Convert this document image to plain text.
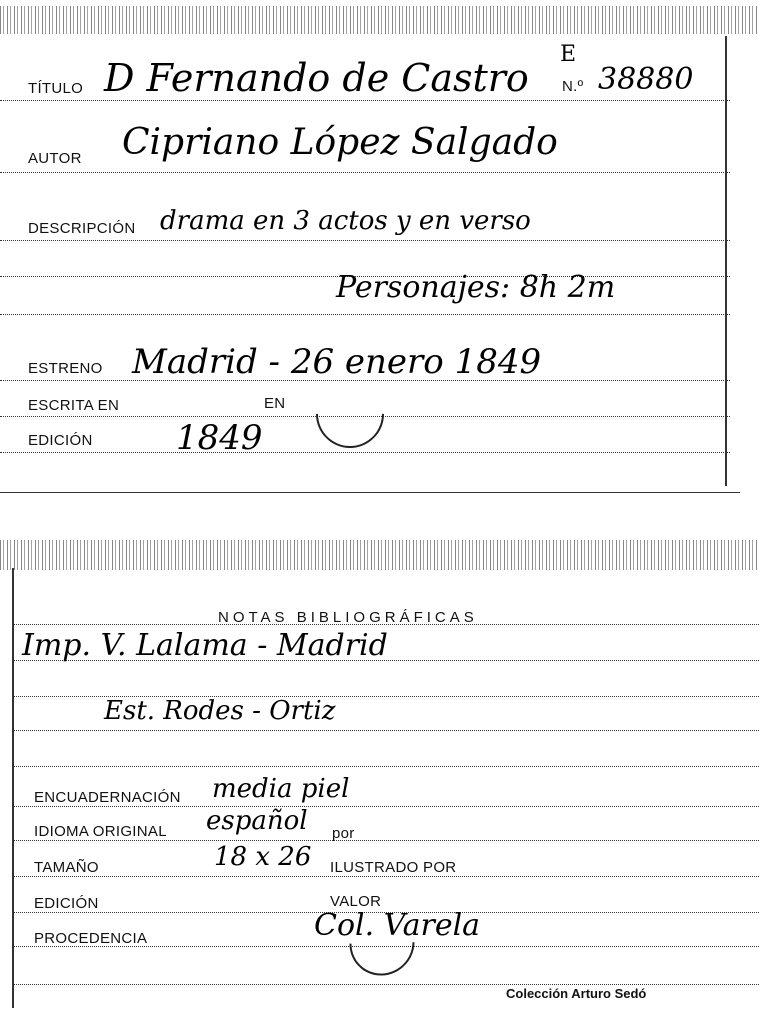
TÍTULO D Fernando de Castro
E
N.º 38880
AUTOR Cipriano López Salgado
DESCRIPCIÓN drama en 3 actos y en verso
Personajes: 8h 2m
ESTRENO Madrid - 26 enero 1849
ESCRITA EN	EN
EDICIÓN 1849
NOTAS BIBLIOGRÁFICAS
Imp. V. Lalama - Madrid
Est. Rodes - Ortiz
ENCUADERNACIÓN media piel
IDIOMA ORIGINAL español por
TAMAÑO	18 x 26 ILUSTRADO POR
EDICIÓN	VALOR
PROCEDENCIA	Col. Varela
Colección Arturo Sedó
